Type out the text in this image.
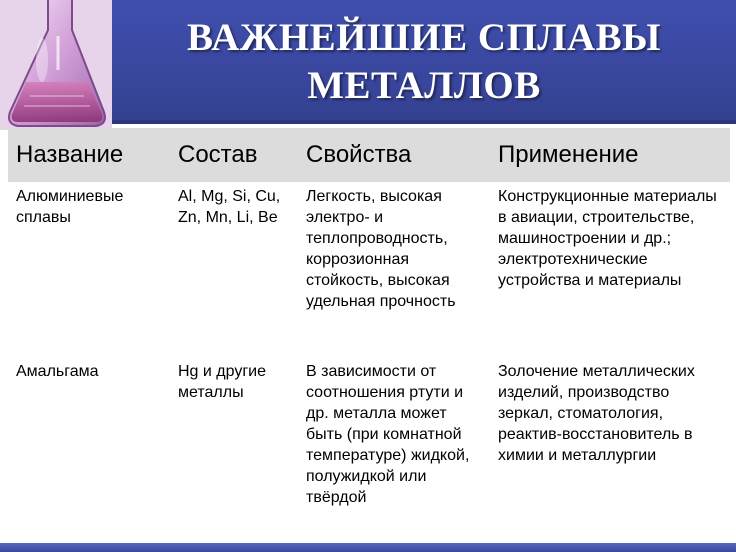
ВАЖНЕЙШИЕ СПЛАВЫ
МЕТАЛЛОВ
Название	Состав	Свойства	Применение
Алюминиевые сплавы	Al, Mg, Si, Cu, Zn, Mn, Li, Be	Легкость, высокая электро- и теплопроводность, коррозионная стойкость, высокая удельная прочность	Конструкционные материалы в авиации, строительстве, машиностроении и др.; электротехнические устройства и материалы
Амальгама	Hg и другие металлы	В зависимости от соотношения ртути и др. металла может быть (при комнатной температуре) жидкой, полужидкой или твёрдой	Золочение металлических изделий, производство зеркал, стоматология, реактив-восстановитель в химии и металлургии
